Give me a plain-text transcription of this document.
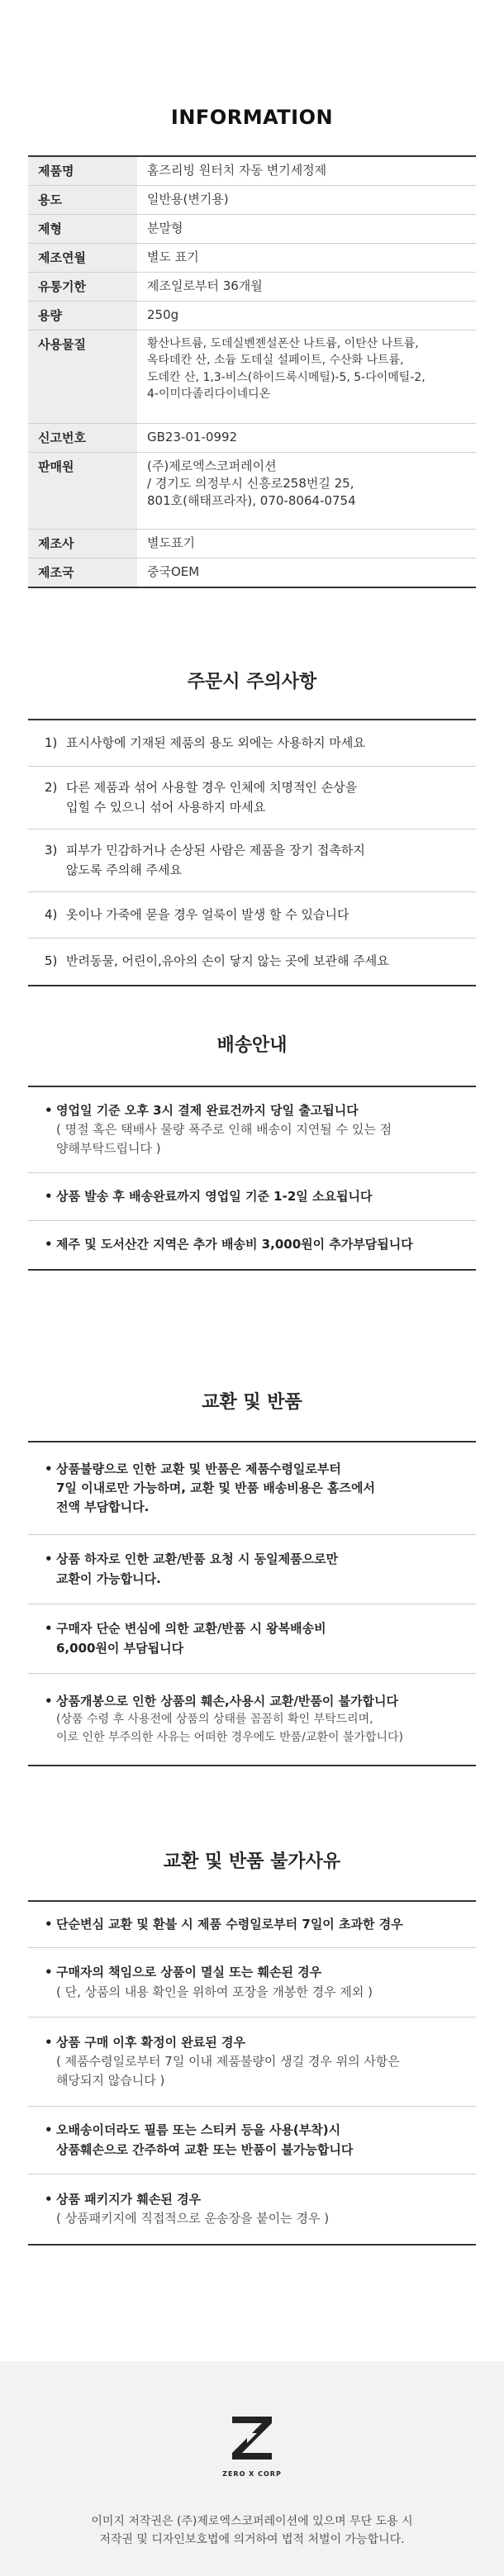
INFORMATION
제품명	홈즈리빙 원터치 자동 변기세정제
용도	일반용(변기용)
제형	분말형
제조연월	별도 표기
유통기한	제조일로부터 36개월
용량	250g
사용물질	황산나트륨, 도데실벤젠설폰산 나트륨, 이탄산 나트륨,
옥타데칸 산, 소듐 도데실 설페이트, 수산화 나트륨,
도데칸 산, 1,3-비스(하이드록시메틸)-5, 5-다이메틸-2,
4-이미다졸리다이네디온
신고번호	GB23-01-0992
판매원	(주)제로엑스코퍼레이션
/ 경기도 의정부시 신흥로258번길 25,
801호(해태프라자), 070-8064-0754
제조사	별도표기
제조국	중국OEM
주문시 주의사항
1) 표시사항에 기재된 제품의 용도 외에는 사용하지 마세요
2) 다른 제품과 섞어 사용할 경우 인체에 치명적인 손상을
입힐 수 있으니 섞어 사용하지 마세요
3) 피부가 민감하거나 손상된 사람은 제품을 장기 접촉하지
않도록 주의해 주세요
4) 옷이나 가죽에 묻을 경우 얼룩이 발생 할 수 있습니다
5) 반려동물, 어린이,유아의 손이 닿지 않는 곳에 보관해 주세요
배송안내
• 영업일 기준 오후 3시 결제 완료건까지 당일 출고됩니다
( 명절 혹은 택배사 물량 폭주로 인해 배송이 지연될 수 있는 점
양해부탁드립니다 )
• 상품 발송 후 배송완료까지 영업일 기준 1-2일 소요됩니다
• 제주 및 도서산간 지역은 추가 배송비 3,000원이 추가부담됩니다
교환 및 반품
• 상품불량으로 인한 교환 및 반품은 제품수령일로부터
7일 이내로만 가능하며, 교환 및 반품 배송비용은 홈즈에서
전액 부담합니다.
• 상품 하자로 인한 교환/반품 요청 시 동일제품으로만
교환이 가능합니다.
• 구매자 단순 변심에 의한 교환/반품 시 왕복배송비
6,000원이 부담됩니다
• 상품개봉으로 인한 상품의 훼손,사용시 교환/반품이 불가합니다
(상품 수령 후 사용전에 상품의 상태를 꼼꼼히 확인 부탁드리며,
이로 인한 부주의한 사유는 어떠한 경우에도 반품/교환이 불가합니다)
교환 및 반품 불가사유
• 단순변심 교환 및 환불 시 제품 수령일로부터 7일이 초과한 경우
• 구매자의 책임으로 상품이 멸실 또는 훼손된 경우
( 단, 상품의 내용 확인을 위하여 포장을 개봉한 경우 제외 )
• 상품 구매 이후 확정이 완료된 경우
( 제품수령일로부터 7일 이내 제품불량이 생길 경우 위의 사항은
해당되지 않습니다 )
• 오배송이더라도 필름 또는 스티커 등을 사용(부착)시
상품훼손으로 간주하여 교환 또는 반품이 불가능합니다
• 상품 패키지가 훼손된 경우
( 상품패키지에 직접적으로 운송장을 붙이는 경우 )
ZERO X CORP
이미지 저작권은 (주)제로엑스코퍼레이션에 있으며 무단 도용 시
저작권 및 디자인보호법에 의거하여 법적 처벌이 가능합니다.
